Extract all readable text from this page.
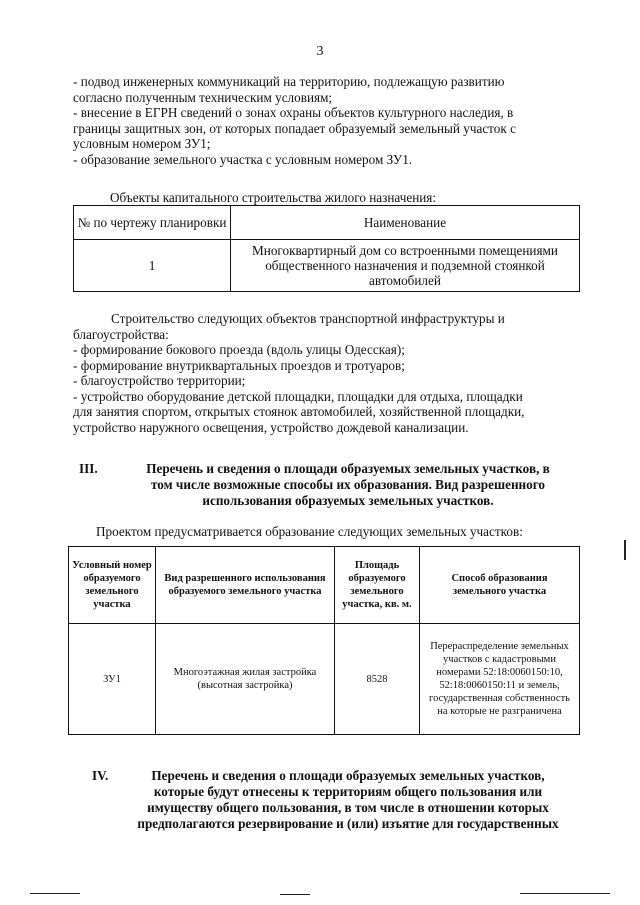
3
- подвод инженерных коммуникаций на территорию, подлежащую развитию
согласно полученным техническим условиям;
- внесение в ЕГРН сведений о зонах охраны объектов культурного наследия, в
границы защитных зон, от которых попадает образуемый земельный участок с
условным номером ЗУ1;
- образование земельного участка с условным номером ЗУ1.
Объекты капитального строительства жилого назначения:
№ по чертежу планировки	Наименование
1	Многоквартирный дом со встроенными помещениями общественного назначения и подземной стоянкой автомобилей
Строительство следующих объектов транспортной инфраструктуры и
благоустройства:
- формирование бокового проезда (вдоль улицы Одесская);
- формирование внутриквартальных проездов и тротуаров;
- благоустройство территории;
- устройство оборудование детской площадки, площадки для отдыха, площадки
для занятия спортом, открытых стоянок автомобилей, хозяйственной площадки,
устройство наружного освещения, устройство дождевой канализации.
III.	Перечень и сведения о площади образуемых земельных участков, в
том числе возможные способы их образования. Вид разрешенного
использования образуемых земельных участков.
Проектом предусматривается образование следующих земельных участков:
Условный номер образуемого земельного участка	Вид разрешенного использования образуемого земельного участка	Площадь образуемого земельного участка, кв. м.	Способ образования земельного участка
ЗУ1	Многоэтажная жилая застройка (высотная застройка)	8528	Перераспределение земельных участков с кадастровыми номерами 52:18:0060150:10, 52:18:0060150:11 и земель, государственная собственность на которые не разграничена
IV.	Перечень и сведения о площади образуемых земельных участков,
которые будут отнесены к территориям общего пользования или
имуществу общего пользования, в том числе в отношении которых
предполагаются резервирование и (или) изъятие для государственных
